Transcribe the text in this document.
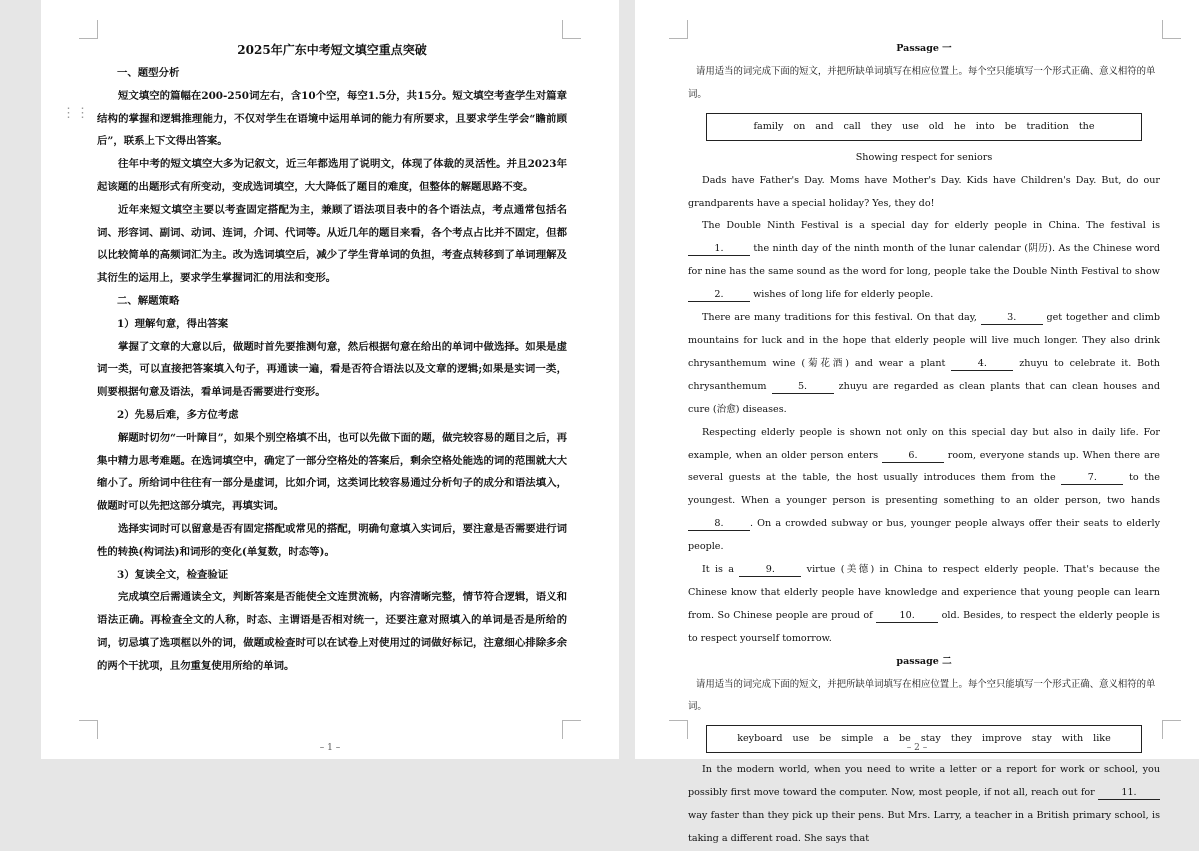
⋮⋮
2025年广东中考短文填空重点突破
一、题型分析

短文填空的篇幅在200-250词左右，含10个空，每空1.5分，共15分。短文填空考查学生对篇章结构的掌握和逻辑推理能力，不仅对学生在语境中运用单词的能力有所要求，且要求学生学会“瞻前顾后”，联系上下文得出答案。

往年中考的短文填空大多为记叙文，近三年都选用了说明文，体现了体裁的灵活性。并且2023年起该题的出题形式有所变动，变成选词填空，大大降低了题目的难度，但整体的解题思路不变。

近年来短文填空主要以考查固定搭配为主，兼顾了语法项目表中的各个语法点，考点通常包括名词、形容词、副词、动词、连词，介词、代词等。从近几年的题目来看，各个考点占比并不固定，但都以比较简单的高频词汇为主。改为选词填空后，减少了学生背单词的负担，考查点转移到了单词理解及其衍生的运用上，要求学生掌握词汇的用法和变形。

二、解题策略
1）理解句意，得出答案

掌握了文章的大意以后，做题时首先要推测句意，然后根据句意在给出的单词中做选择。如果是虚词一类，可以直接把答案填入句子，再通读一遍，看是否符合语法以及文章的逻辑;如果是实词一类，则要根据句意及语法，看单词是否需要进行变形。

2）先易后难，多方位考虑

解题时切勿“一叶障目”，如果个别空格填不出，也可以先做下面的题，做完较容易的题目之后，再集中精力思考难题。在选词填空中，确定了一部分空格处的答案后，剩余空格处能选的词的范围就大大缩小了。所给词中往往有一部分是虚词，比如介词，这类词比较容易通过分析句子的成分和语法填入，做题时可以先把这部分填完，再填实词。

选择实词时可以留意是否有固定搭配或常见的搭配，明确句意填入实词后，要注意是否需要进行词性的转换(构词法)和词形的变化(单复数，时态等)。

3）复读全文，检查验证

完成填空后需通读全文，判断答案是否能使全文连贯流畅，内容清晰完整，情节符合逻辑，语义和语法正确。再检查全文的人称，时态、主谓语是否相对统一，还要注意对照填入的单词是否是所给的词，切忌填了选项框以外的词，做题或检查时可以在试卷上对使用过的词做好标记，注意细心排除多余的两个干扰项，且勿重复使用所给的单词。

– 1 –
Passage 一
请用适当的词完成下面的短文，并把所缺单词填写在相应位置上。每个空只能填写一个形式正确、意义相符的单词。
family on and call they use old he into be tradition the
Showing respect for seniors

Dads have Father's Day. Moms have Mother's Day. Kids have Children's Day. But, do our grandparents have a special holiday? Yes, they do!

The Double Ninth Festival is a special day for elderly people in China. The festival is 1.	the ninth day of the ninth month of the lunar calendar (阴历). As the Chinese word for nine has the same sound as the word for long, people take the Double Ninth Festival to show 2.	wishes of long life for elderly people.

There are many traditions for this festival. On that day,	3.	get together and climb mountains for luck and in the hope that elderly people will live much longer. They also drink chrysanthemum wine (菊花酒) and wear a plant	4.	zhuyu to celebrate it. Both chrysanthemum	5.	zhuyu are regarded as clean plants that can clean houses and cure (治愈) diseases.

Respecting elderly people is shown not only on this special day but also in daily life. For example, when an older person enters	6.	room, everyone stands up. When there are several guests at the table, the host usually introduces them from the	7.	to the youngest. When a younger person is presenting something to an older person, two hands 8.	. On a crowded subway or bus, younger people always offer their seats to elderly people.

It is a	9.	virtue (美德) in China to respect elderly people. That's because the Chinese know that elderly people have knowledge and experience that young people can learn from. So Chinese people are proud of	10.	old. Besides, to respect the elderly people is to respect yourself tomorrow.

passage 二
请用适当的词完成下面的短文，并把所缺单词填写在相应位置上。每个空只能填写一个形式正确、意义相符的单词。
keyboard use be simple a be stay they improve stay with like

In the modern world, when you need to write a letter or a report for work or school, you possibly first move toward the computer. Now, most people, if not all, reach out for	11. way faster than they pick up their pens. But Mrs. Larry, a teacher in a British primary school, is taking a different road. She says that

– 2 –
